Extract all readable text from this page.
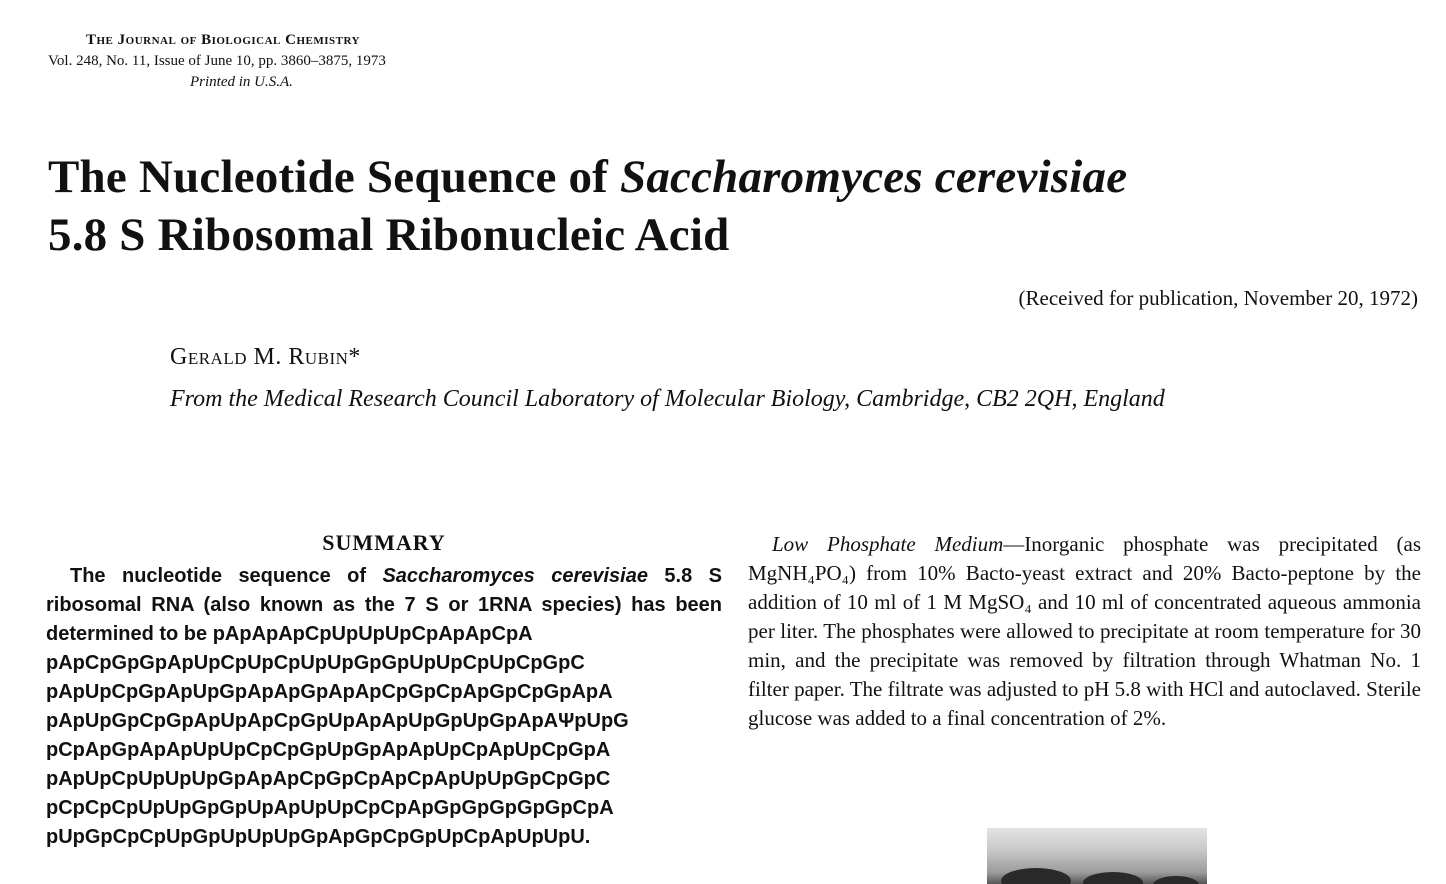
The Journal of Biological Chemistry
Vol. 248, No. 11, Issue of June 10, pp. 3860–3875, 1973
Printed in U.S.A.
The Nucleotide Sequence of Saccharomyces cerevisiae
5.8 S Ribosomal Ribonucleic Acid
(Received for publication, November 20, 1972)
Gerald M. Rubin*
From the Medical Research Council Laboratory of Molecular Biology, Cambridge, CB2 2QH, England
SUMMARY

The nucleotide sequence of Saccharomyces cerevisiae 5.8 S ribosomal RNA (also known as the 7 S or 1RNA species) has been determined to be pApApApCpUpUpUpCpApApCpA

pApCpGpGpApUpCpUpCpUpUpGpGpUpUpCpUpCpGpC
pApUpCpGpApUpGpApApGpApApCpGpCpApGpCpGpApA
pApUpGpCpGpApUpApCpGpUpApApUpGpUpGpApAΨpUpG
pCpApGpApApUpUpCpCpGpUpGpApApUpCpApUpCpGpA
pApUpCpUpUpUpGpApApCpGpCpApCpApUpUpGpCpGpC
pCpCpCpUpUpGpGpUpApUpUpCpCpApGpGpGpGpGpCpA
pUpGpCpCpUpGpUpUpUpGpApGpCpGpUpCpApUpUpU.

Low Phosphate Medium—Inorganic phosphate was precipitated (as MgNH₄PO₄) from 10% Bacto-yeast extract and 20% Bacto-peptone by the addition of 10 ml of 1 M MgSO₄ and 10 ml of concentrated aqueous ammonia per liter. The phosphates were allowed to precipitate at room temperature for 30 min, and the precipitate was removed by filtration through Whatman No. 1 filter paper. The filtrate was adjusted to pH 5.8 with HCl and autoclaved. Sterile glucose was added to a final concentration of 2%.
